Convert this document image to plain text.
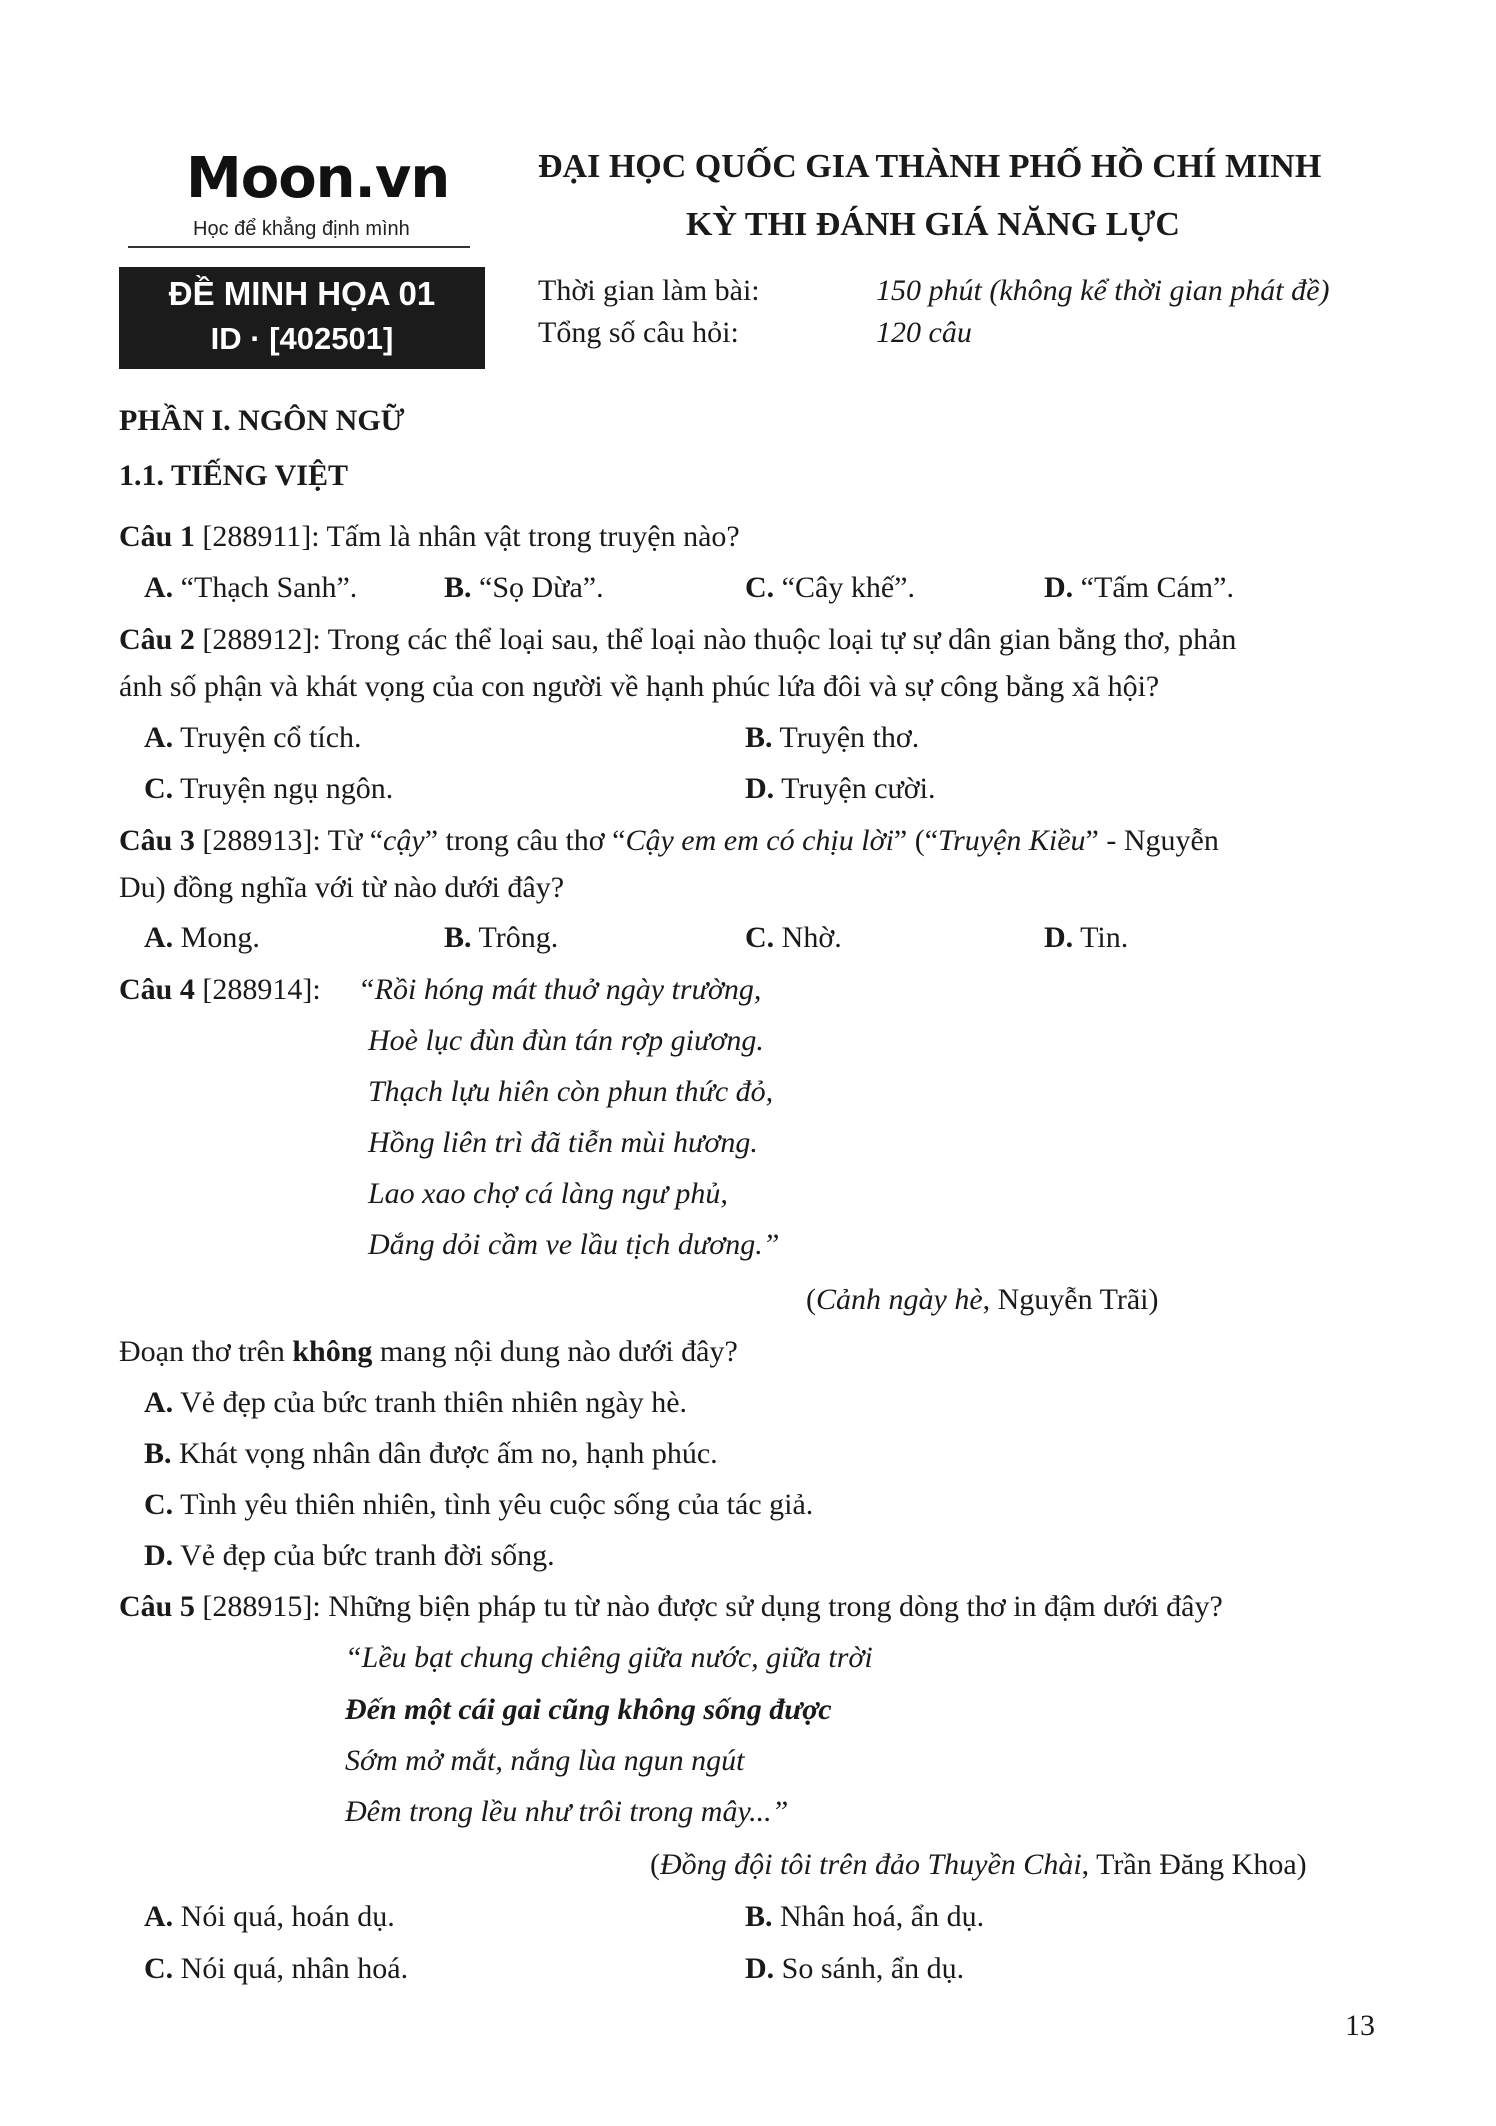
Moon.vn
Học để khẳng định mình
ĐỀ MINH HỌA 01
ID · [402501]
ĐẠI HỌC QUỐC GIA THÀNH PHỐ HỒ CHÍ MINH
KỲ THI ĐÁNH GIÁ NĂNG LỰC
Thời gian làm bài:	150 phút (không kể thời gian phát đề)
Tổng số câu hỏi:	120 câu
PHẦN I. NGÔN NGỮ
1.1. TIẾNG VIỆT
Câu 1 [288911]: Tấm là nhân vật trong truyện nào?
A. “Thạch Sanh”.	B. “Sọ Dừa”.	C. “Cây khế”.	D. “Tấm Cám”.
Câu 2 [288912]: Trong các thể loại sau, thể loại nào thuộc loại tự sự dân gian bằng thơ, phản
ánh số phận và khát vọng của con người về hạnh phúc lứa đôi và sự công bằng xã hội?
A. Truyện cổ tích.	B. Truyện thơ.
C. Truyện ngụ ngôn.	D. Truyện cười.
Câu 3 [288913]: Từ “cậy” trong câu thơ “Cậy em em có chịu lời” (“Truyện Kiều” - Nguyễn
Du) đồng nghĩa với từ nào dưới đây?
A. Mong.	B. Trông.	C. Nhờ.	D. Tin.
Câu 4 [288914]: “Rồi hóng mát thuở ngày trường,
Hoè lục đùn đùn tán rợp giương.
Thạch lựu hiên còn phun thức đỏ,
Hồng liên trì đã tiễn mùi hương.
Lao xao chợ cá làng ngư phủ,
Dắng dỏi cầm ve lầu tịch dương.”
(Cảnh ngày hè, Nguyễn Trãi)
Đoạn thơ trên không mang nội dung nào dưới đây?
A. Vẻ đẹp của bức tranh thiên nhiên ngày hè.
B. Khát vọng nhân dân được ấm no, hạnh phúc.
C. Tình yêu thiên nhiên, tình yêu cuộc sống của tác giả.
D. Vẻ đẹp của bức tranh đời sống.
Câu 5 [288915]: Những biện pháp tu từ nào được sử dụng trong dòng thơ in đậm dưới đây?
“Lều bạt chung chiêng giữa nước, giữa trời
Đến một cái gai cũng không sống được
Sớm mở mắt, nắng lùa ngun ngút
Đêm trong lều như trôi trong mây...”
(Đồng đội tôi trên đảo Thuyền Chài, Trần Đăng Khoa)
A. Nói quá, hoán dụ.	B. Nhân hoá, ẩn dụ.
C. Nói quá, nhân hoá.	D. So sánh, ẩn dụ.
13
